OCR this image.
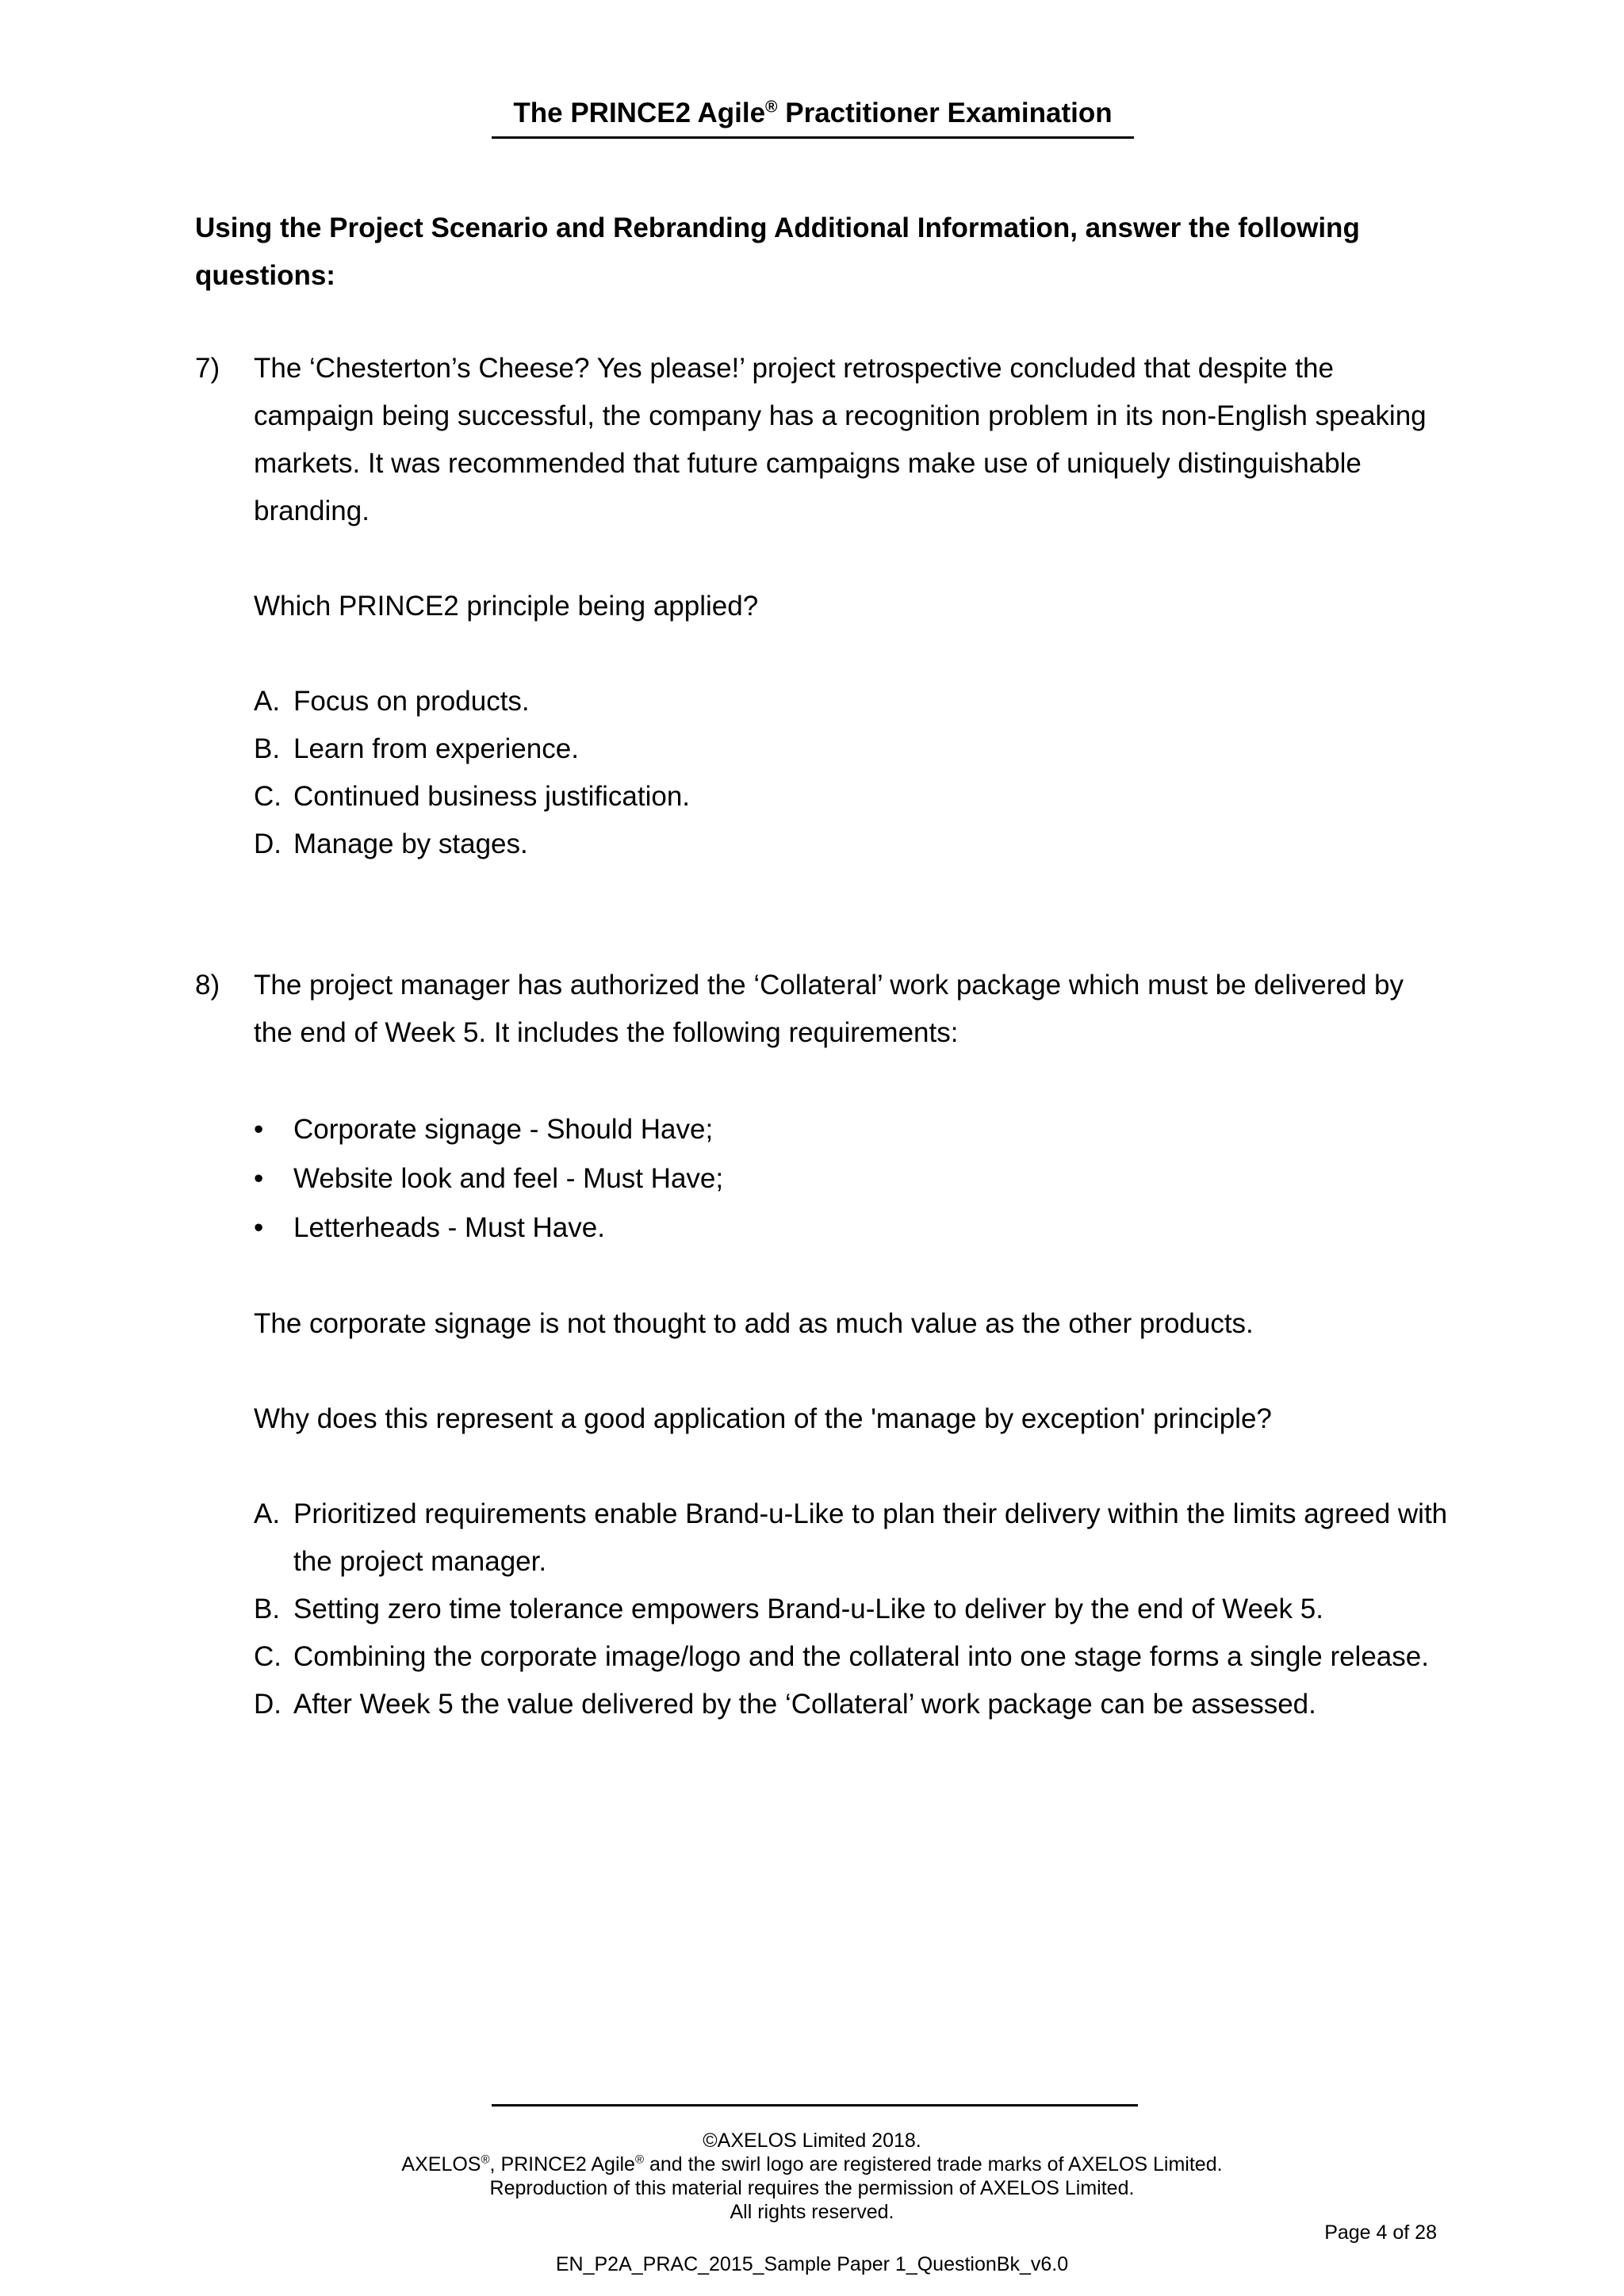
The PRINCE2 Agile® Practitioner Examination
Using the Project Scenario and Rebranding Additional Information, answer the following questions:
7) The ‘Chesterton’s Cheese? Yes please!’ project retrospective concluded that despite the campaign being successful, the company has a recognition problem in its non-English speaking markets. It was recommended that future campaigns make use of uniquely distinguishable branding.
Which PRINCE2 principle being applied?
A. Focus on products.
B. Learn from experience.
C. Continued business justification.
D. Manage by stages.
8) The project manager has authorized the ‘Collateral’ work package which must be delivered by the end of Week 5. It includes the following requirements:
• Corporate signage - Should Have;
• Website look and feel - Must Have;
• Letterheads - Must Have.
The corporate signage is not thought to add as much value as the other products.
Why does this represent a good application of the 'manage by exception' principle?
A. Prioritized requirements enable Brand-u-Like to plan their delivery within the limits agreed with the project manager.
B. Setting zero time tolerance empowers Brand-u-Like to deliver by the end of Week 5.
C. Combining the corporate image/logo and the collateral into one stage forms a single release.
D. After Week 5 the value delivered by the ‘Collateral’ work package can be assessed.
©AXELOS Limited 2018.
AXELOS®, PRINCE2 Agile® and the swirl logo are registered trade marks of AXELOS Limited.
Reproduction of this material requires the permission of AXELOS Limited.
All rights reserved.
Page 4 of 28
EN_P2A_PRAC_2015_Sample Paper 1_QuestionBk_v6.0
